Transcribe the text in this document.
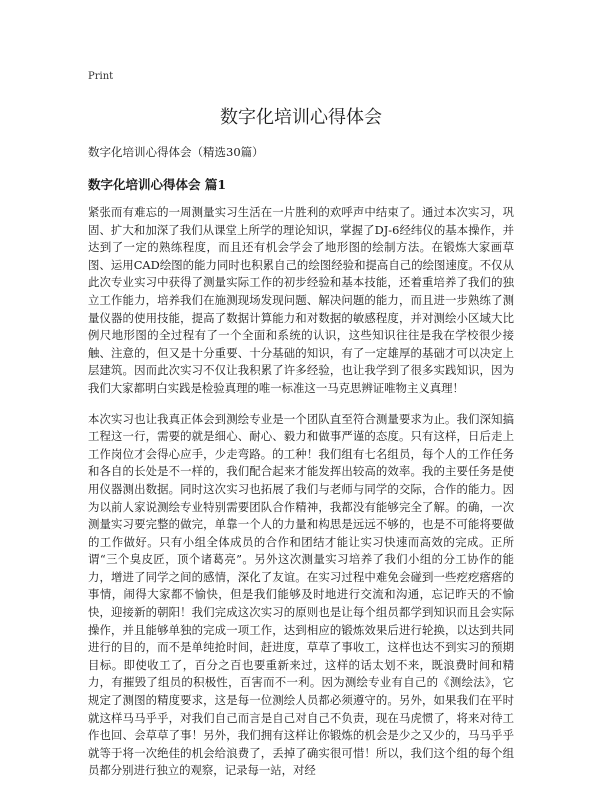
Print
数字化培训心得体会
数字化培训心得体会（精选30篇）
数字化培训心得体会 篇1

紧张而有难忘的一周测量实习生活在一片胜利的欢呼声中结束了。通过本次实习，巩固、扩大和加深了我们从课堂上所学的理论知识，掌握了DJ-6经纬仪的基本操作，并达到了一定的熟练程度，而且还有机会学会了地形图的绘制方法。在锻炼大家画草图、运用CAD绘图的能力同时也积累自己的绘图经验和提高自己的绘图速度。不仅从此次专业实习中获得了测量实际工作的初步经验和基本技能，还着重培养了我们的独立工作能力，培养我们在施测现场发现问题、解决问题的能力，而且进一步熟练了测量仪器的使用技能，提高了数据计算能力和对数据的敏感程度，并对测绘小区域大比例尺地形图的全过程有了一个全面和系统的认识，这些知识往往是我在学校很少接触、注意的，但又是十分重要、十分基础的知识，有了一定雄厚的基础才可以决定上层建筑。因而此次实习不仅让我积累了许多经验，也让我学到了很多实践知识，因为我们大家都明白实践是检验真理的唯一标准这一马克思辨证唯物主义真理！

本次实习也让我真正体会到测绘专业是一个团队直至符合测量要求为止。我们深知搞工程这一行，需要的就是细心、耐心、毅力和做事严谨的态度。只有这样，日后走上工作岗位才会得心应手，少走弯路。的工种！我们组有七名组员，每个人的工作任务和各自的长处是不一样的，我们配合起来才能发挥出较高的效率。我的主要任务是使用仪器测出数据。同时这次实习也拓展了我们与老师与同学的交际，合作的能力。因为以前人家说测绘专业特别需要团队合作精神，我都没有能够完全了解。的确，一次测量实习要完整的做完，单靠一个人的力量和构思是远远不够的，也是不可能将要做的工作做好。只有小组全体成员的合作和团结才能让实习快速而高效的完成。正所谓“三个臭皮匠，顶个诸葛亮”。另外这次测量实习培养了我们小组的分工协作的能力，增进了同学之间的感情，深化了友谊。在实习过程中难免会碰到一些疙疙瘩瘩的事情，闹得大家都不愉快，但是我们能够及时地进行交流和沟通，忘记昨天的不愉快，迎接新的朝阳！我们完成这次实习的原则也是让每个组员都学到知识而且会实际操作，并且能够单独的完成一项工作，达到相应的锻炼效果后进行轮换，以达到共同进行的目的，而不是单纯抢时间，赶进度，草草了事收工，这样也达不到实习的预期目标。即使收工了，百分之百也要重新来过，这样的话太划不来，既浪费时间和精力，有摧毁了组员的积极性，百害而不一利。因为测绘专业有自己的《测绘法》，它规定了测图的精度要求，这是每一位测绘人员都必须遵守的。另外，如果我们在平时就这样马马乎乎，对我们自己而言是自己对自己不负责，现在马虎惯了，将来对待工作也回、会草草了事！另外，我们拥有这样让你锻炼的机会是少之又少的，马马乎乎就等于将一次绝佳的机会给浪费了，丢掉了确实很可惜！所以，我们这个组的每个组员都分别进行独立的观察，记录每一站，对经
